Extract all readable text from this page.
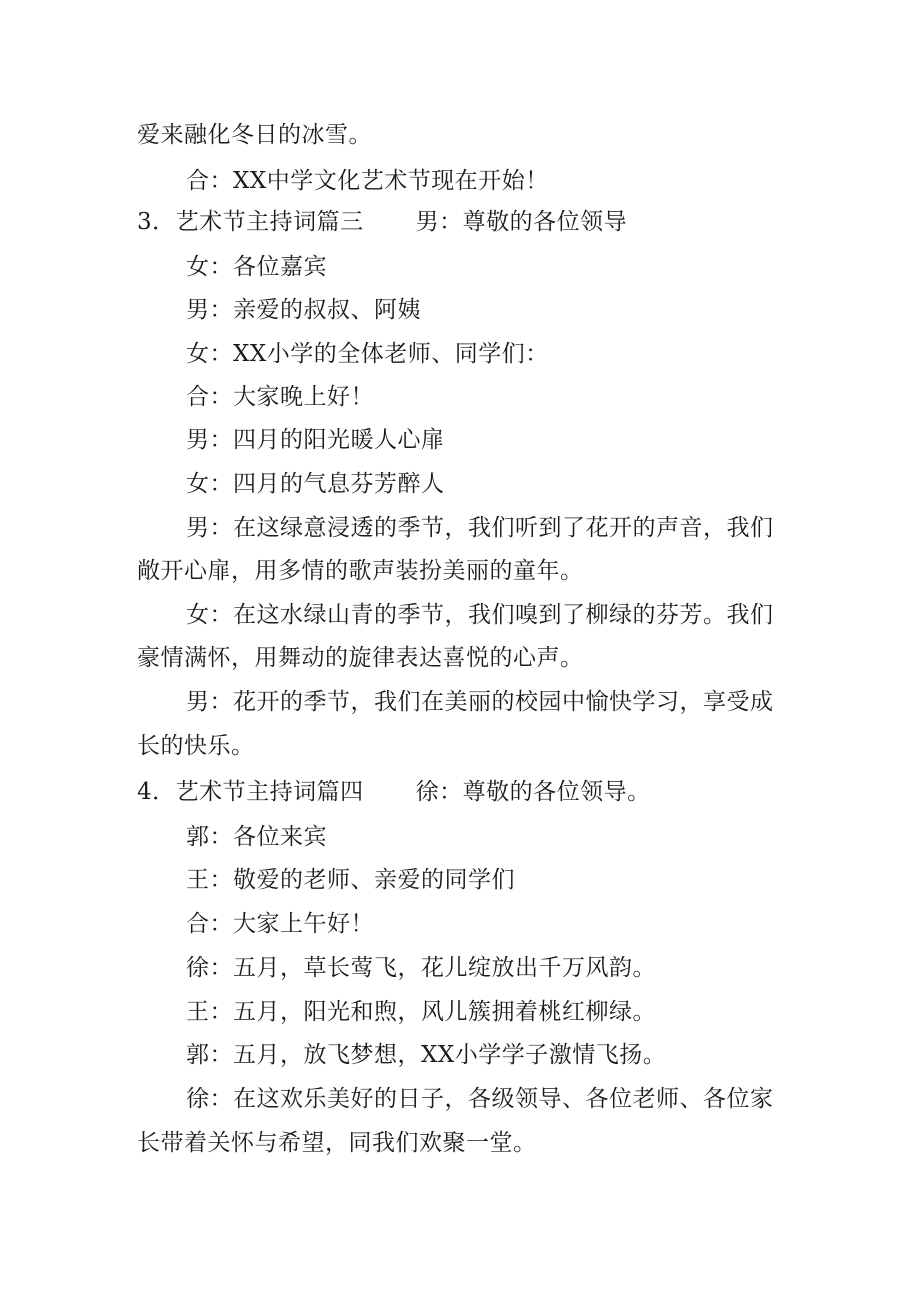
爱来融化冬日的冰雪。
合：XX中学文化艺术节现在开始！
3．艺术节主持词篇三 男：尊敬的各位领导
女：各位嘉宾
男：亲爱的叔叔、阿姨
女：XX小学的全体老师、同学们：
合：大家晚上好！
男：四月的阳光暖人心扉
女：四月的气息芬芳醉人
男：在这绿意浸透的季节，我们听到了花开的声音，我们
敞开心扉，用多情的歌声装扮美丽的童年。
女：在这水绿山青的季节，我们嗅到了柳绿的芬芳。我们
豪情满怀，用舞动的旋律表达喜悦的心声。
男：花开的季节，我们在美丽的校园中愉快学习，享受成
长的快乐。
4．艺术节主持词篇四 徐：尊敬的各位领导。
郭：各位来宾
王：敬爱的老师、亲爱的同学们
合：大家上午好！
徐：五月，草长莺飞，花儿绽放出千万风韵。
王：五月，阳光和煦，风儿簇拥着桃红柳绿。
郭：五月，放飞梦想，XX小学学子激情飞扬。
徐：在这欢乐美好的日子，各级领导、各位老师、各位家
长带着关怀与希望，同我们欢聚一堂。
